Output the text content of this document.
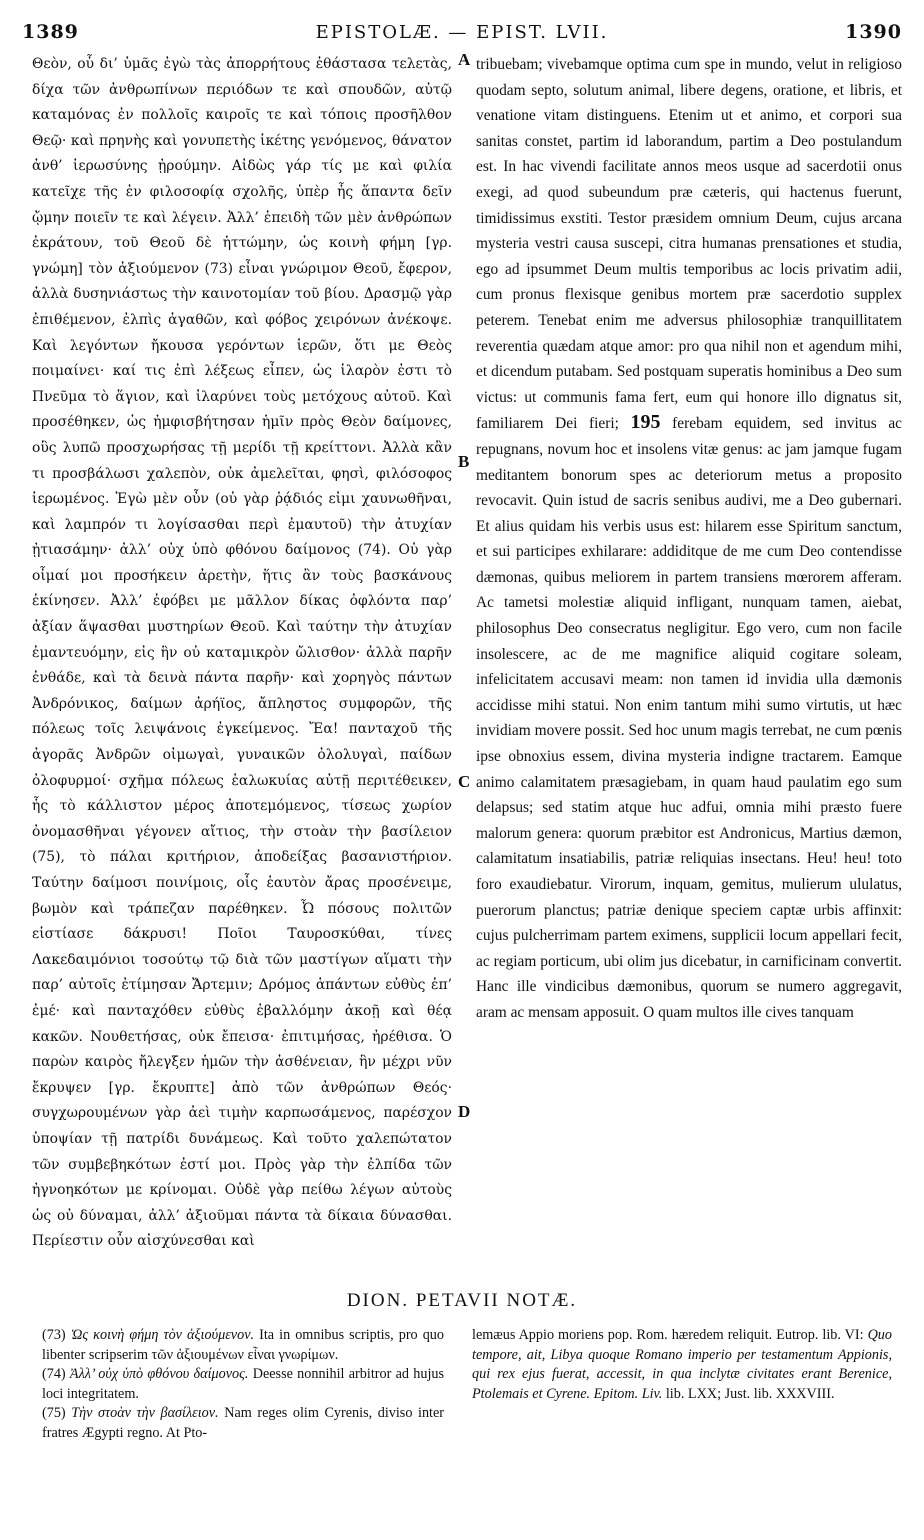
1389	EPISTOLÆ. — EPIST. LVII.	1390

Θεὸν, οὗ δι’ ὑμᾶς ἐγὼ τὰς ἀπορρήτους ἐθάστασα τελετὰς, δίχα τῶν ἀνθρωπίνων περιόδων τε καὶ σπουδῶν, αὐτῷ καταμόνας ἐν πολλοῖς καιροῖς τε καὶ τόποις προσῆλθον Θεῷ· καὶ πρηνὴς καὶ γονυπετὴς ἱκέτης γενόμενος, θάνατον ἀνθ’ ἱερωσύνης ᾐρούμην. Αἰδὼς γάρ τίς με καὶ φιλία κατεῖχε τῆς ἐν φιλοσοφίᾳ σχολῆς, ὑπὲρ ἧς ἅπαντα δεῖν ᾤμην ποιεῖν τε καὶ λέγειν. Ἀλλ’ ἐπειδὴ τῶν μὲν ἀνθρώπων ἐκράτουν, τοῦ Θεοῦ δὲ ἡττώμην, ὡς κοινὴ φήμη [γρ. γνώμη] τὸν ἀξιούμενον (73) εἶναι γνώριμον Θεοῦ, ἔφερον, ἀλλὰ δυσηνιάστως τὴν καινοτομίαν τοῦ βίου. Δρασμῷ γὰρ ἐπιθέμενον, ἐλπὶς ἀγαθῶν, καὶ φόβος χειρόνων ἀνέκοψε. Καὶ λεγόντων ἤκουσα γερόντων ἱερῶν, ὅτι με Θεὸς ποιμαίνει· καί τις ἐπὶ λέξεως εἶπεν, ὡς ἱλαρὸν ἐστι τὸ Πνεῦμα τὸ ἅγιον, καὶ ἱλαρύνει τοὺς μετόχους αὐτοῦ. Καὶ προσέθηκεν, ὡς ἠμφισβήτησαν ἡμῖν πρὸς Θεὸν δαίμονες, οὓς λυπῶ προσχωρήσας τῇ μερίδι τῇ κρείττονι. Ἀλλὰ κἂν τι προσβάλωσι χαλεπὸν, οὐκ ἀμελεῖται, φησὶ, φιλόσοφος ἱερωμένος. Ἐγὼ μὲν οὖν (οὐ γὰρ ῥᾴδιός εἰμι χαυνωθῆναι, καὶ λαμπρόν τι λογίσασθαι περὶ ἐμαυτοῦ) τὴν ἀτυχίαν ᾐτιασάμην· ἀλλ’ οὐχ ὑπὸ φθόνου δαίμονος (74). Οὐ γὰρ οἶμαί μοι προσήκειν ἀρετὴν, ἥτις ἂν τοὺς βασκάνους ἐκίνησεν. Ἀλλ’ ἐφόβει με μᾶλλον δίκας ὀφλόντα παρ’ ἀξίαν ἅψασθαι μυστηρίων Θεοῦ. Καὶ ταύτην τὴν ἀτυχίαν ἐμαντευόμην, εἰς ἣν οὐ καταμικρὸν ὤλισθον· ἀλλὰ παρῆν ἐνθάδε, καὶ τὰ δεινὰ πάντα παρῆν· καὶ χορηγὸς πάντων Ἀνδρόνικος, δαίμων ἀρήϊος, ἄπληστος συμφορῶν, τῆς πόλεως τοῖς λειψάνοις ἐγκείμενος. Ἔα! πανταχοῦ τῆς ἀγορᾶς Ἀνδρῶν οἰμωγαὶ, γυναικῶν ὀλολυγαὶ, παίδων ὀλοφυρμοί· σχῆμα πόλεως ἑαλωκυίας αὐτῇ περιτέθεικεν, ἧς τὸ κάλλιστον μέρος ἀποτεμόμενος, τίσεως χωρίον ὀνομασθῆναι γέγονεν αἴτιος, τὴν στοὰν τὴν βασίλειον (75), τὸ πάλαι κριτήριον, ἀποδείξας βασανιστήριον. Ταύτην δαίμοσι ποινίμοις, οἷς ἑαυτὸν ἄρας προσένειμε, βωμὸν καὶ τράπεζαν παρέθηκεν. Ὦ πόσους πολιτῶν εἱστίασε δάκρυσι! Ποῖοι Ταυροσκύθαι, τίνες Λακεδαιμόνιοι τοσούτῳ τῷ διὰ τῶν μαστίγων αἵματι τὴν παρ’ αὐτοῖς ἐτίμησαν Ἄρτεμιν; Δρόμος ἁπάντων εὐθὺς ἐπ’ ἐμέ· καὶ πανταχόθεν εὐθὺς ἐβαλλόμην ἀκοῇ καὶ θέᾳ κακῶν. Νουθετήσας, οὐκ ἔπεισα· ἐπιτιμήσας, ἠρέθισα. Ὁ παρὼν καιρὸς ἤλεγξεν ἡμῶν τὴν ἀσθένειαν, ἣν μέχρι νῦν ἔκρυψεν [γρ. ἔκρυπτε] ἀπὸ τῶν ἀνθρώπων Θεός· συγχωρουμένων γὰρ ἀεὶ τιμὴν καρπωσάμενος, παρέσχον ὑποψίαν τῇ πατρίδι δυνάμεως. Καὶ τοῦτο χαλεπώτατον τῶν συμβεβηκότων ἐστί μοι. Πρὸς γὰρ τὴν ἐλπίδα τῶν ἠγνοηκότων με κρίνομαι. Οὐδὲ γὰρ πείθω λέγων αὐτοὺς ὡς οὐ δύναμαι, ἀλλ’ ἀξιοῦμαι πάντα τὰ δίκαια δύνασθαι. Περίεστιν οὖν αἰσχύνεσθαι καὶ

A
B
C
D

tribuebam; vivebamque optima cum spe in mundo, velut in religioso quodam septo, solutum animal, libere degens, oratione, et libris, et venatione vitam distinguens. Etenim ut et animo, et corpori sua sanitas constet, partim id laborandum, partim a Deo postulandum est. In hac vivendi facilitate annos meos usque ad sacerdotii onus exegi, ad quod subeundum præ cæteris, qui hactenus fuerunt, timidissimus exstiti. Testor præsidem omnium Deum, cujus arcana mysteria vestri causa suscepi, citra humanas prensationes et studia, ego ad ipsummet Deum multis temporibus ac locis privatim adii, cum pronus flexisque genibus mortem præ sacerdotio supplex peterem. Tenebat enim me adversus philosophiæ tranquillitatem reverentia quædam atque amor: pro qua nihil non et agendum mihi, et dicendum putabam. Sed postquam superatis hominibus a Deo sum victus: ut communis fama fert, eum qui honore illo dignatus sit, familiarem Dei fieri; 195 ferebam equidem, sed invitus ac repugnans, novum hoc et insolens vitæ genus: ac jam jamque fugam meditantem bonorum spes ac deteriorum metus a proposito revocavit. Quin istud de sacris senibus audivi, me a Deo gubernari. Et alius quidam his verbis usus est: hilarem esse Spiritum sanctum, et sui participes exhilarare: addiditque de me cum Deo contendisse dæmonas, quibus meliorem in partem transiens mœrorem afferam. Ac tametsi molestiæ aliquid infligant, nunquam tamen, aiebat, philosophus Deo consecratus negligitur. Ego vero, cum non facile insolescere, ac de me magnifice aliquid cogitare soleam, infelicitatem accusavi meam: non tamen id invidia ulla dæmonis accidisse mihi statui. Non enim tantum mihi sumo virtutis, ut hæc invidiam movere possit. Sed hoc unum magis terrebat, ne cum pœnis ipse obnoxius essem, divina mysteria indigne tractarem. Eamque animo calamitatem præsagiebam, in quam haud paulatim ego sum delapsus; sed statim atque huc adfui, omnia mihi præsto fuere malorum genera: quorum præbitor est Andronicus, Martius dæmon, calamitatum insatiabilis, patriæ reliquias insectans. Heu! heu! toto foro exaudiebatur. Virorum, inquam, gemitus, mulierum ululatus, puerorum planctus; patriæ denique speciem captæ urbis affinxit: cujus pulcherrimam partem eximens, supplicii locum appellari fecit, ac regiam porticum, ubi olim jus dicebatur, in carnificinam convertit. Hanc ille vindicibus dæmonibus, quorum se numero aggregavit, aram ac mensam apposuit. O quam multos ille cives tanquam

DION. PETAVII NOTÆ.

(73) Ὡς κοινὴ φήμη τὸν ἀξιούμενον. Ita in omnibus scriptis, pro quo libenter scripserim τῶν ἀξιουμένων εἶναι γνωρίμων.

(74) Ἀλλ’ οὐχ ὑπὸ φθόνου δαίμονος. Deesse nonnihil arbitror ad hujus loci integritatem.

(75) Τὴν στοὰν τὴν βασίλειον. Nam reges olim Cyrenis, diviso inter fratres Ægypti regno. At Pto-

lemæus Appio moriens pop. Rom. hæredem reliquit. Eutrop. lib. VI: Quo tempore, ait, Libya quoque Romano imperio per testamentum Appionis, qui rex ejus fuerat, accessit, in qua inclytæ civitates erant Berenice, Ptolemais et Cyrene. Epitom. Liv. lib. LXX; Just. lib. XXXVIII.
